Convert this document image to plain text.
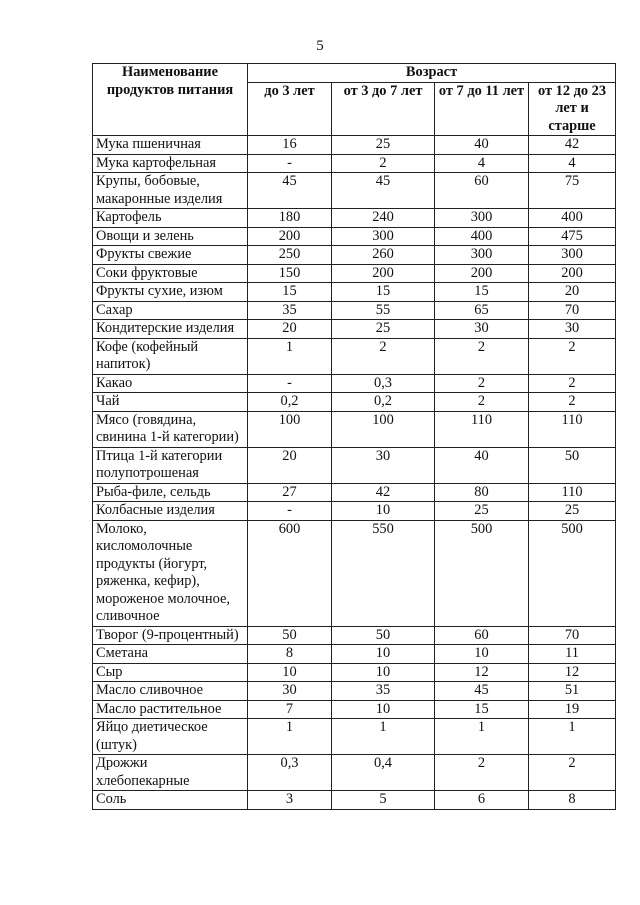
5
Наименование продуктов питания	Возраст			
	до 3 лет	от 3 до 7 лет	от 7 до 11 лет	от 12 до 23 лет и старше
Мука пшеничная	16	25	40	42
Мука картофельная	-	2	4	4
Крупы, бобовые, макаронные изделия	45	45	60	75
Картофель	180	240	300	400
Овощи и зелень	200	300	400	475
Фрукты свежие	250	260	300	300
Соки фруктовые	150	200	200	200
Фрукты сухие, изюм	15	15	15	20
Сахар	35	55	65	70
Кондитерские изделия	20	25	30	30
Кофе (кофейный напиток)	1	2	2	2
Какао	-	0,3	2	2
Чай	0,2	0,2	2	2
Мясо (говядина, свинина 1-й категории)	100	100	110	110
Птица 1-й категории полупотрошеная	20	30	40	50
Рыба-филе, сельдь	27	42	80	110
Колбасные изделия	-	10	25	25
Молоко, кисломолочные продукты (йогурт, ряженка, кефир), мороженое молочное, сливочное	600	550	500	500
Творог (9-процентный)	50	50	60	70
Сметана	8	10	10	11
Сыр	10	10	12	12
Масло сливочное	30	35	45	51
Масло растительное	7	10	15	19
Яйцо диетическое (штук)	1	1	1	1
Дрожжи хлебопекарные	0,3	0,4	2	2
Соль	3	5	6	8
